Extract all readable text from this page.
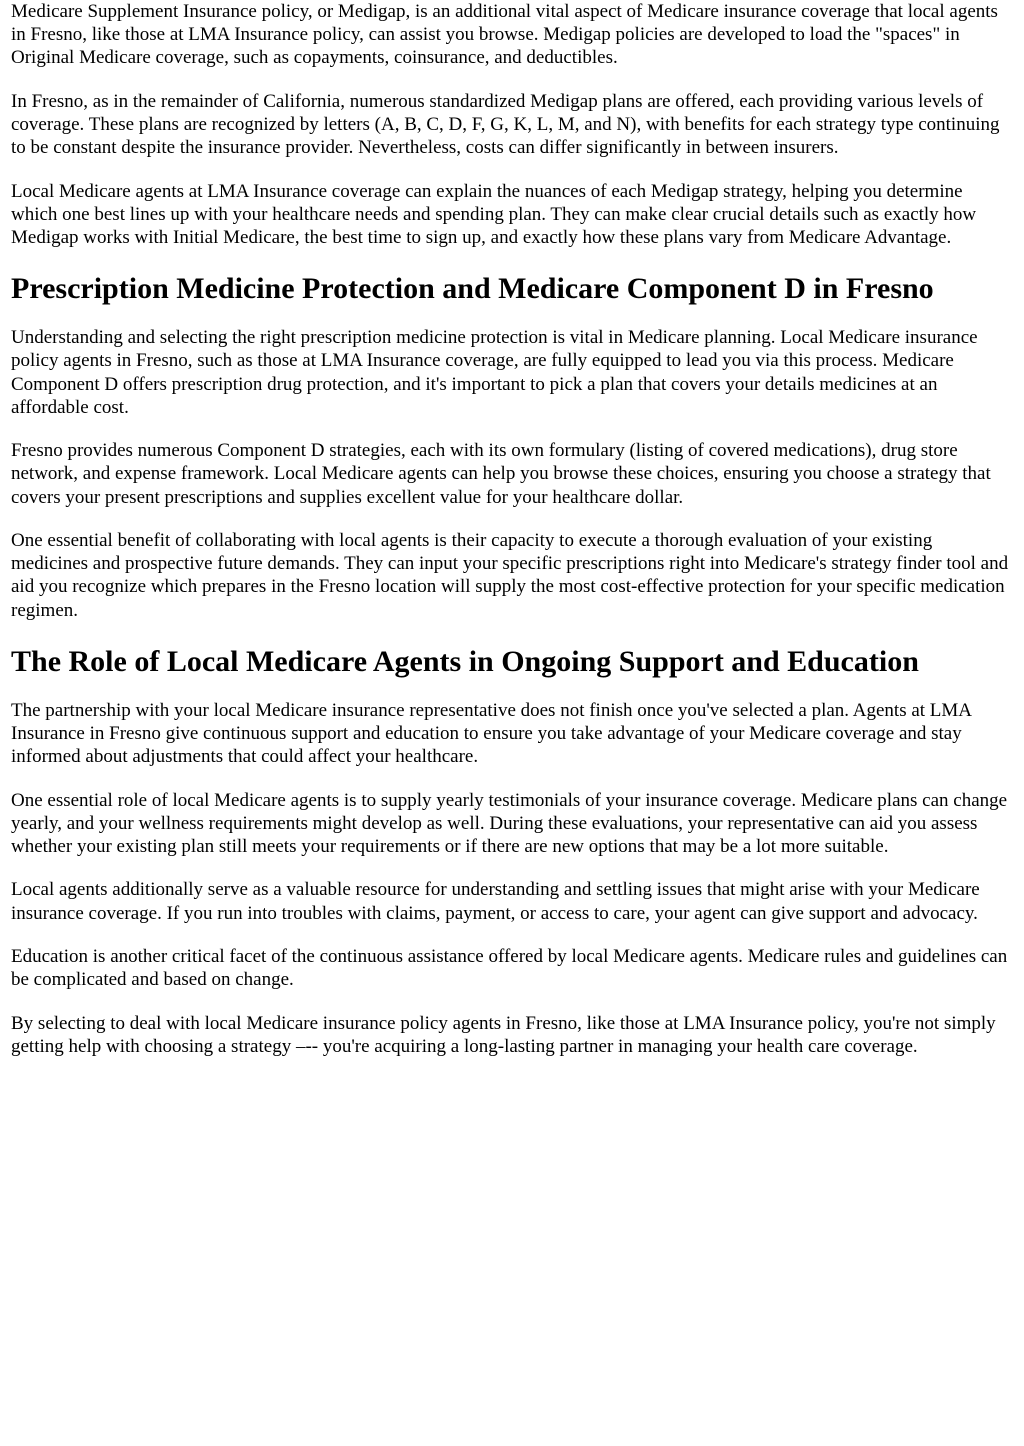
Medicare Supplement Insurance policy, or Medigap, is an additional vital aspect of Medicare insurance coverage that local agents in Fresno, like those at LMA Insurance policy, can assist you browse. Medigap policies are developed to load the "spaces" in Original Medicare coverage, such as copayments, coinsurance, and deductibles.

In Fresno, as in the remainder of California, numerous standardized Medigap plans are offered, each providing various levels of coverage. These plans are recognized by letters (A, B, C, D, F, G, K, L, M, and N), with benefits for each strategy type continuing to be constant despite the insurance provider. Nevertheless, costs can differ significantly in between insurers.

Local Medicare agents at LMA Insurance coverage can explain the nuances of each Medigap strategy, helping you determine which one best lines up with your healthcare needs and spending plan. They can make clear crucial details such as exactly how Medigap works with Initial Medicare, the best time to sign up, and exactly how these plans vary from Medicare Advantage.

Prescription Medicine Protection and Medicare Component D in Fresno

Understanding and selecting the right prescription medicine protection is vital in Medicare planning. Local Medicare insurance policy agents in Fresno, such as those at LMA Insurance coverage, are fully equipped to lead you via this process. Medicare Component D offers prescription drug protection, and it's important to pick a plan that covers your details medicines at an affordable cost.

Fresno provides numerous Component D strategies, each with its own formulary (listing of covered medications), drug store network, and expense framework. Local Medicare agents can help you browse these choices, ensuring you choose a strategy that covers your present prescriptions and supplies excellent value for your healthcare dollar.

One essential benefit of collaborating with local agents is their capacity to execute a thorough evaluation of your existing medicines and prospective future demands. They can input your specific prescriptions right into Medicare's strategy finder tool and aid you recognize which prepares in the Fresno location will supply the most cost-effective protection for your specific medication regimen.

The Role of Local Medicare Agents in Ongoing Support and Education

The partnership with your local Medicare insurance representative does not finish once you've selected a plan. Agents at LMA Insurance in Fresno give continuous support and education to ensure you take advantage of your Medicare coverage and stay informed about adjustments that could affect your healthcare.

One essential role of local Medicare agents is to supply yearly testimonials of your insurance coverage. Medicare plans can change yearly, and your wellness requirements might develop as well. During these evaluations, your representative can aid you assess whether your existing plan still meets your requirements or if there are new options that may be a lot more suitable.

Local agents additionally serve as a valuable resource for understanding and settling issues that might arise with your Medicare insurance coverage. If you run into troubles with claims, payment, or access to care, your agent can give support and advocacy.

Education is another critical facet of the continuous assistance offered by local Medicare agents. Medicare rules and guidelines can be complicated and based on change.

By selecting to deal with local Medicare insurance policy agents in Fresno, like those at LMA Insurance policy, you're not simply getting help with choosing a strategy –-- you're acquiring a long-lasting partner in managing your health care coverage.
